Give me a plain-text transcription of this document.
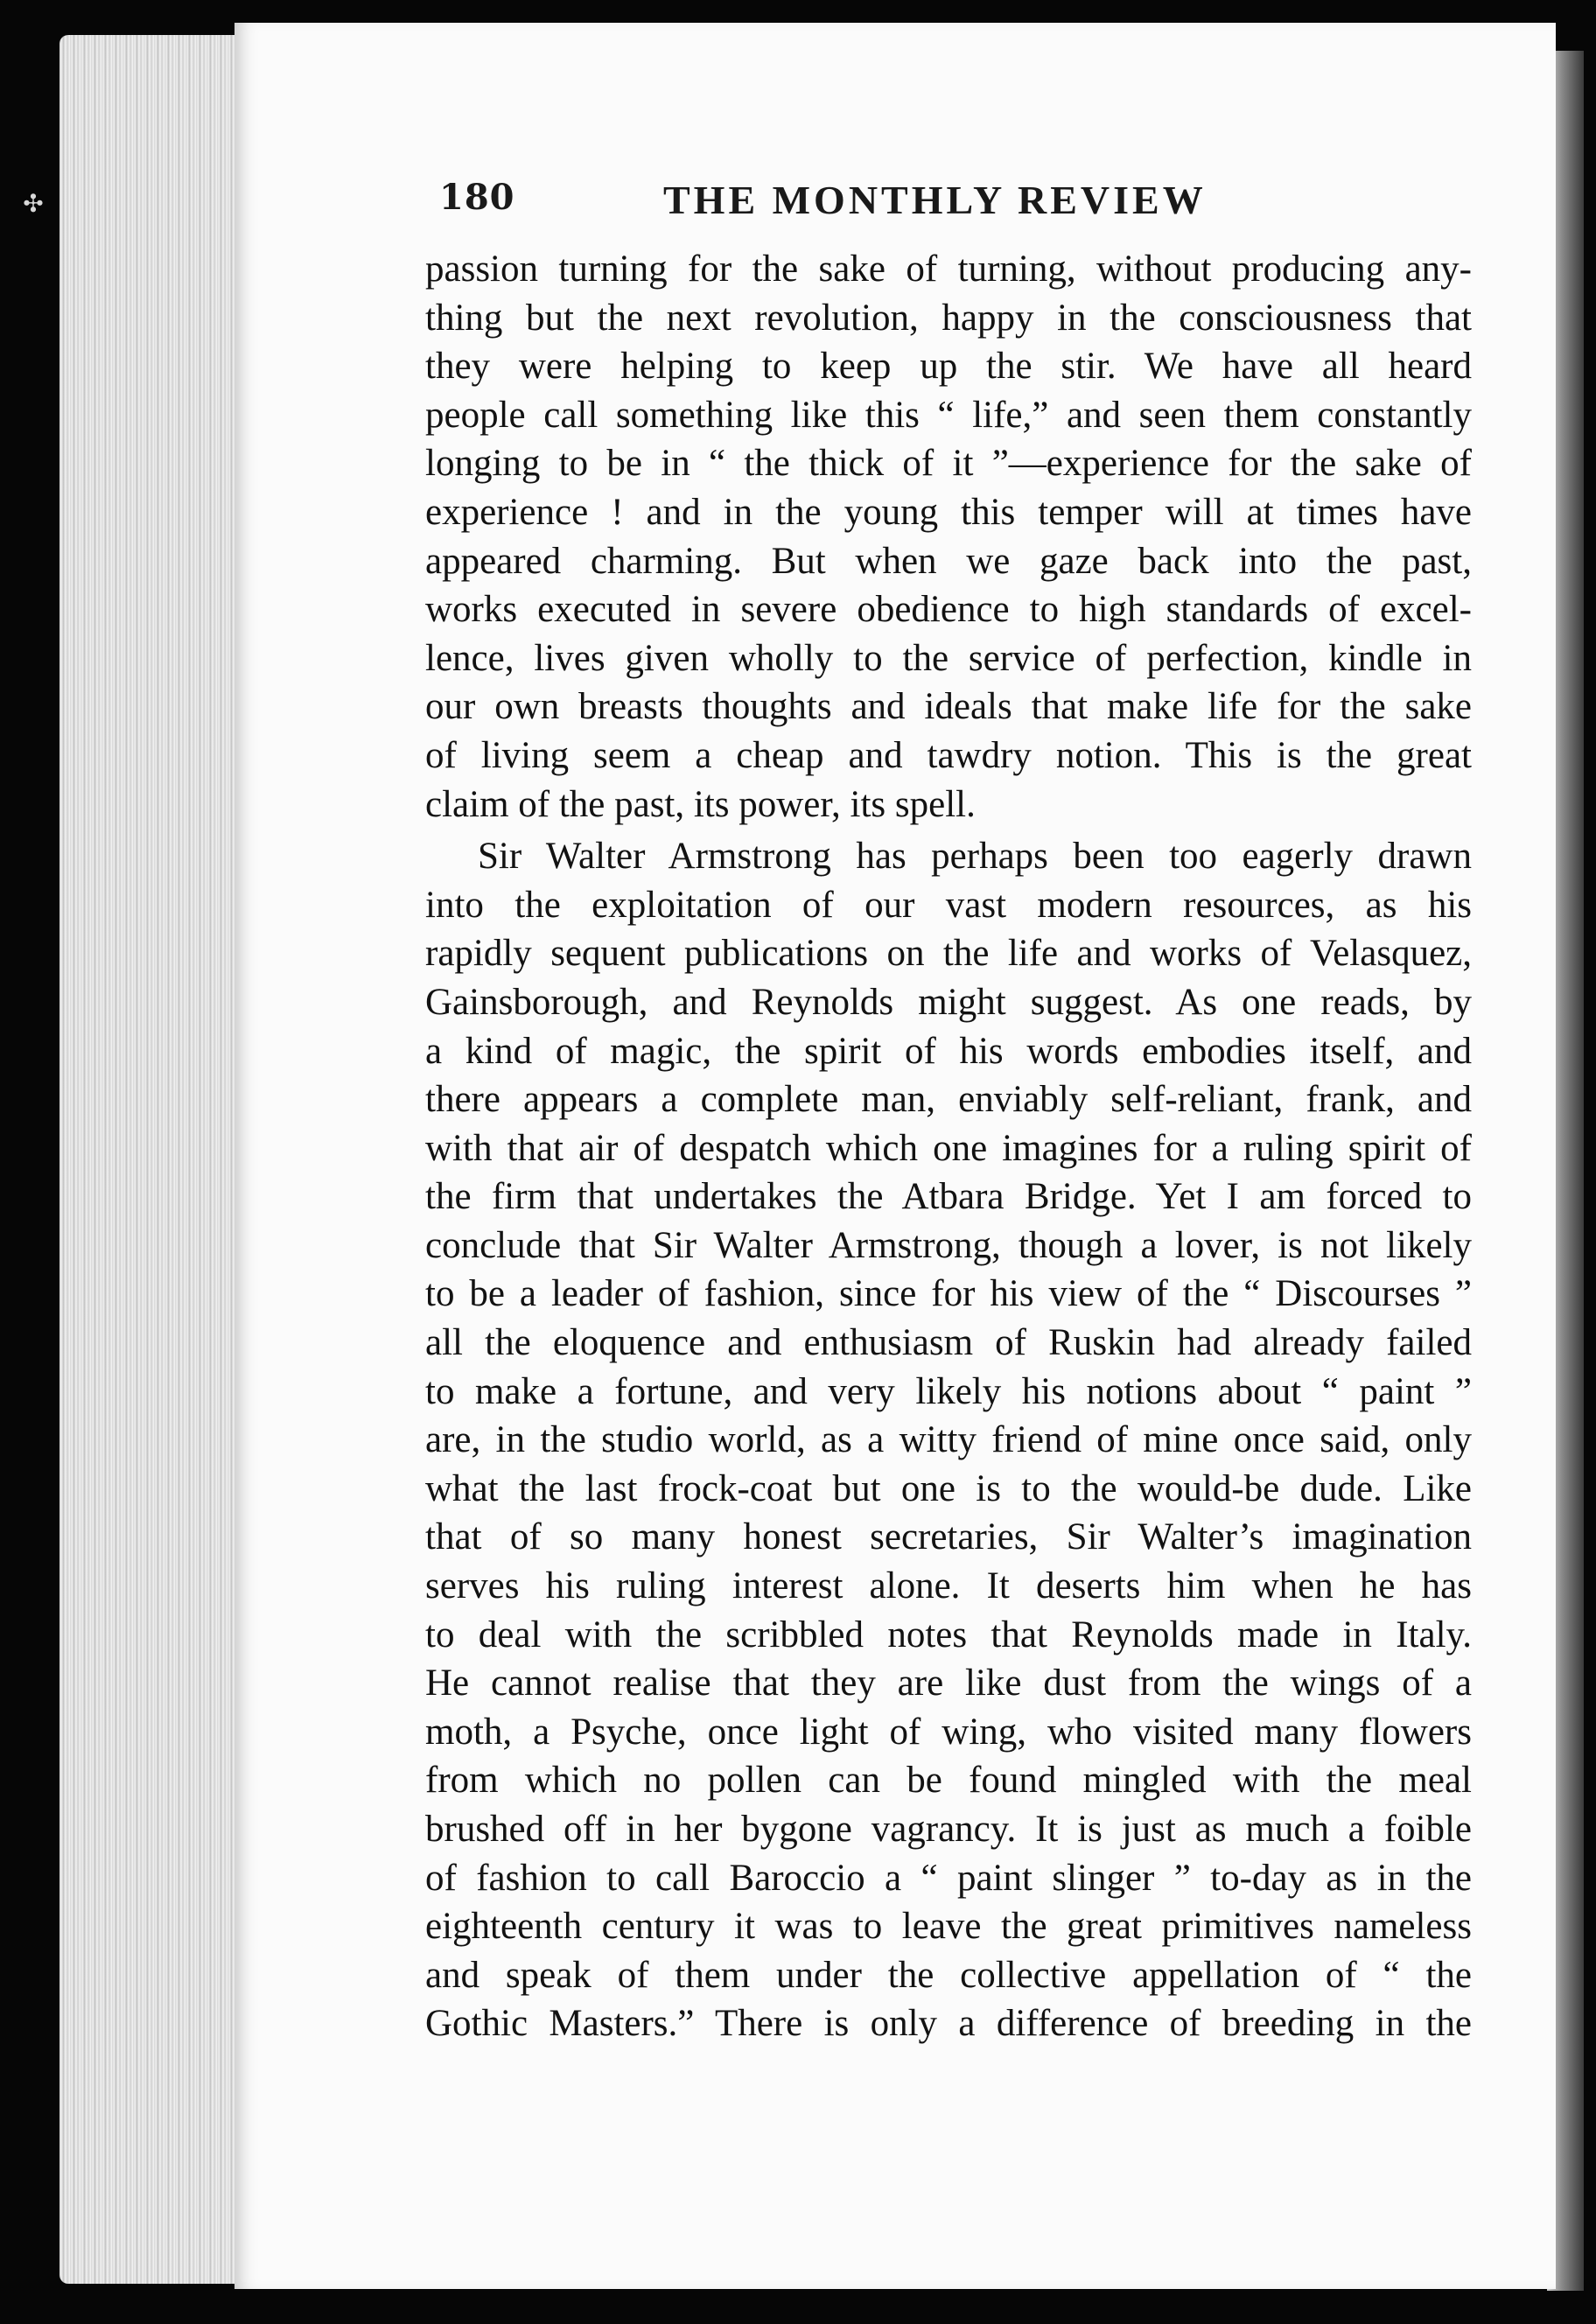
✣	180	THE MONTHLY REVIEW
passion turning for the sake of turning, without producing any-
thing but the next revolution, happy in the consciousness that
they were helping to keep up the stir. We have all heard
people call something like this “ life,” and seen them constantly
longing to be in “ the thick of it ”—experience for the sake of
experience ! and in the young this temper will at times have
appeared charming. But when we gaze back into the past,
works executed in severe obedience to high standards of excel-
lence, lives given wholly to the service of perfection, kindle in
our own breasts thoughts and ideals that make life for the sake
of living seem a cheap and tawdry notion. This is the great
claim of the past, its power, its spell.
Sir Walter Armstrong has perhaps been too eagerly drawn
into the exploitation of our vast modern resources, as his
rapidly sequent publications on the life and works of Velasquez,
Gainsborough, and Reynolds might suggest. As one reads, by
a kind of magic, the spirit of his words embodies itself, and
there appears a complete man, enviably self-reliant, frank, and
with that air of despatch which one imagines for a ruling spirit of
the firm that undertakes the Atbara Bridge. Yet I am forced to
conclude that Sir Walter Armstrong, though a lover, is not likely
to be a leader of fashion, since for his view of the “ Discourses ”
all the eloquence and enthusiasm of Ruskin had already failed
to make a fortune, and very likely his notions about “ paint ”
are, in the studio world, as a witty friend of mine once said, only
what the last frock-coat but one is to the would-be dude. Like
that of so many honest secretaries, Sir Walter’s imagination
serves his ruling interest alone. It deserts him when he has
to deal with the scribbled notes that Reynolds made in Italy.
He cannot realise that they are like dust from the wings of a
moth, a Psyche, once light of wing, who visited many flowers
from which no pollen can be found mingled with the meal
brushed off in her bygone vagrancy. It is just as much a foible
of fashion to call Baroccio a “ paint slinger ” to-day as in the
eighteenth century it was to leave the great primitives nameless
and speak of them under the collective appellation of “ the
Gothic Masters.” There is only a difference of breeding in the
